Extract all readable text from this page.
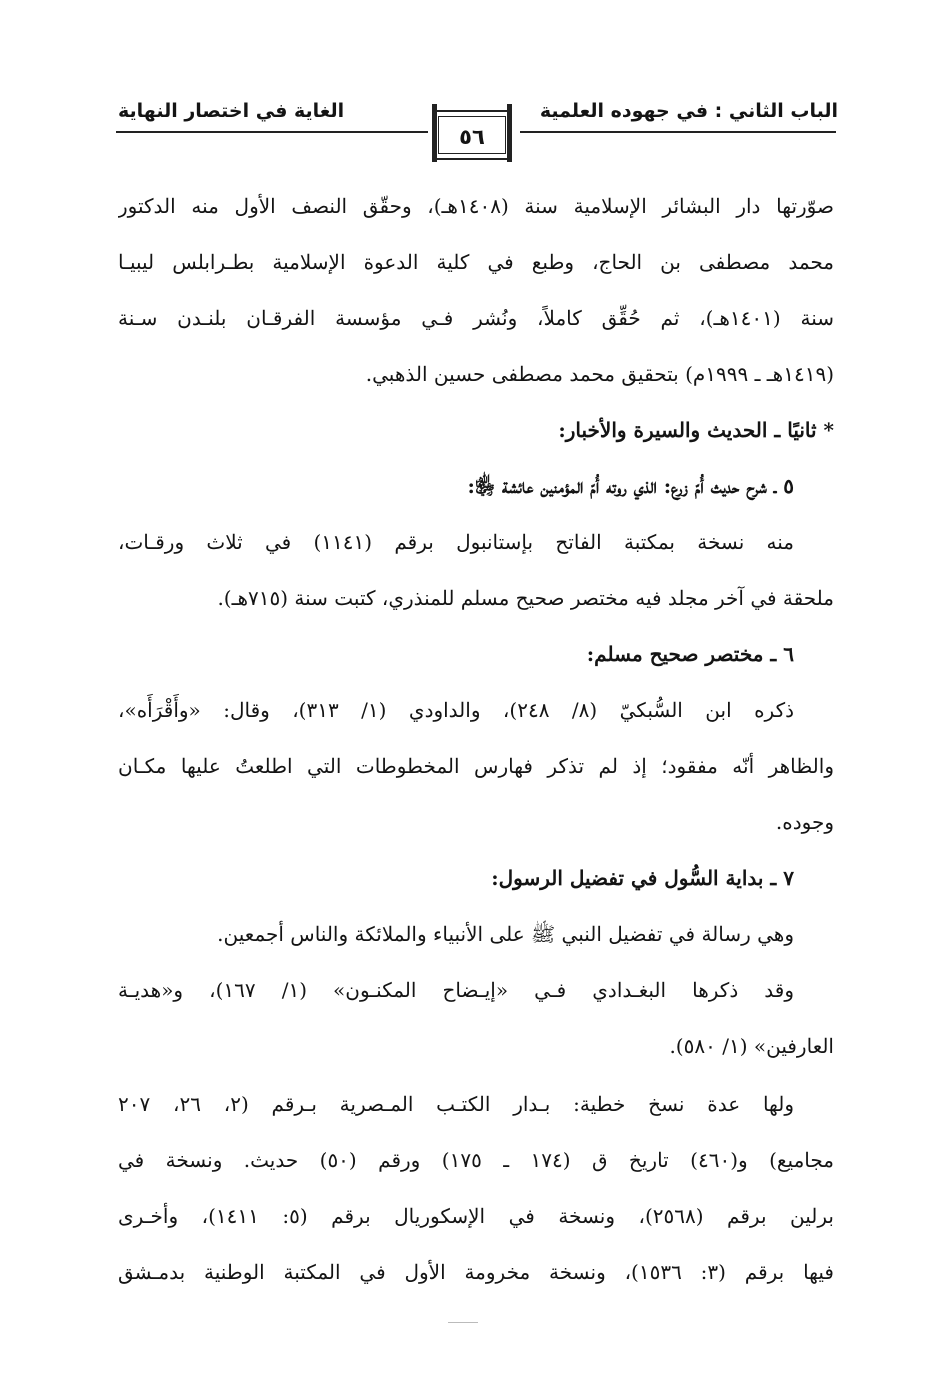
الباب الثاني : في جهوده العلمية
الغاية في اختصار النهاية
٥٦
صوّرتها دار البشائر الإسلامية سنة (١٤٠٨هـ)، وحقّق النصف الأول منه الدكتور
محمد مصطفى بن الحاج، وطبع في كلية الدعوة الإسلامية بطـرابلس ليبيـا
سنة (١٤٠١هـ)، ثم حُقِّق كاملاً، ونُشر فـي مؤسسة الفرقـان بلنـدن سـنة
(١٤١٩هـ ـ ١٩٩٩م) بتحقيق محمد مصطفى حسين الذهبي.
* ثانيًا ـ الحديث والسيرة والأخبار:
٥ ـ شرح حديث أُمّ زرع: الذي روته أُمّ المؤمنين عائشة ﵂:
منه نسخة بمكتبة الفاتح بإستانبول برقم (١١٤١) في ثلاث ورقـات،
ملحقة في آخر مجلد فيه مختصر صحيح مسلم للمنذري، كتبت سنة (٧١٥هـ).
٦ ـ مختصر صحيح مسلم:
ذكره ابن السُّبكيّ (٨/ ٢٤٨)، والداودي (١/ ٣١٣)، وقال: «وأَقْرَأَه»،
والظاهر أنّه مفقود؛ إذ لم تذكر فهارس المخطوطات التي اطلعتُ عليها مكـان
وجوده.
٧ ـ بداية السُّول في تفضيل الرسول:
وهي رسالة في تفضيل النبي ﷺ على الأنبياء والملائكة والناس أجمعين.
وقد ذكرها البغـدادي فـي «إيـضاح المكنـون» (١/ ١٦٧)، و«هديـة
العارفين» (١/ ٥٨٠).
ولها عدة نسخ خطية: بـدار الكتـب المـصرية بـرقم (٢، ٢٦، ٢٠٧
مجاميع) و(٤٦٠) تاريخ ق (١٧٤ ـ ١٧٥) ورقم (٥٠) حديث. ونسخة في
برلين برقم (٢٥٦٨)، ونسخة في الإسكوريال برقم (٥: ١٤١١)، وأخـرى
فيها برقم (٣: ١٥٣٦)، ونسخة مخرومة الأول في المكتبة الوطنية بدمـشق
